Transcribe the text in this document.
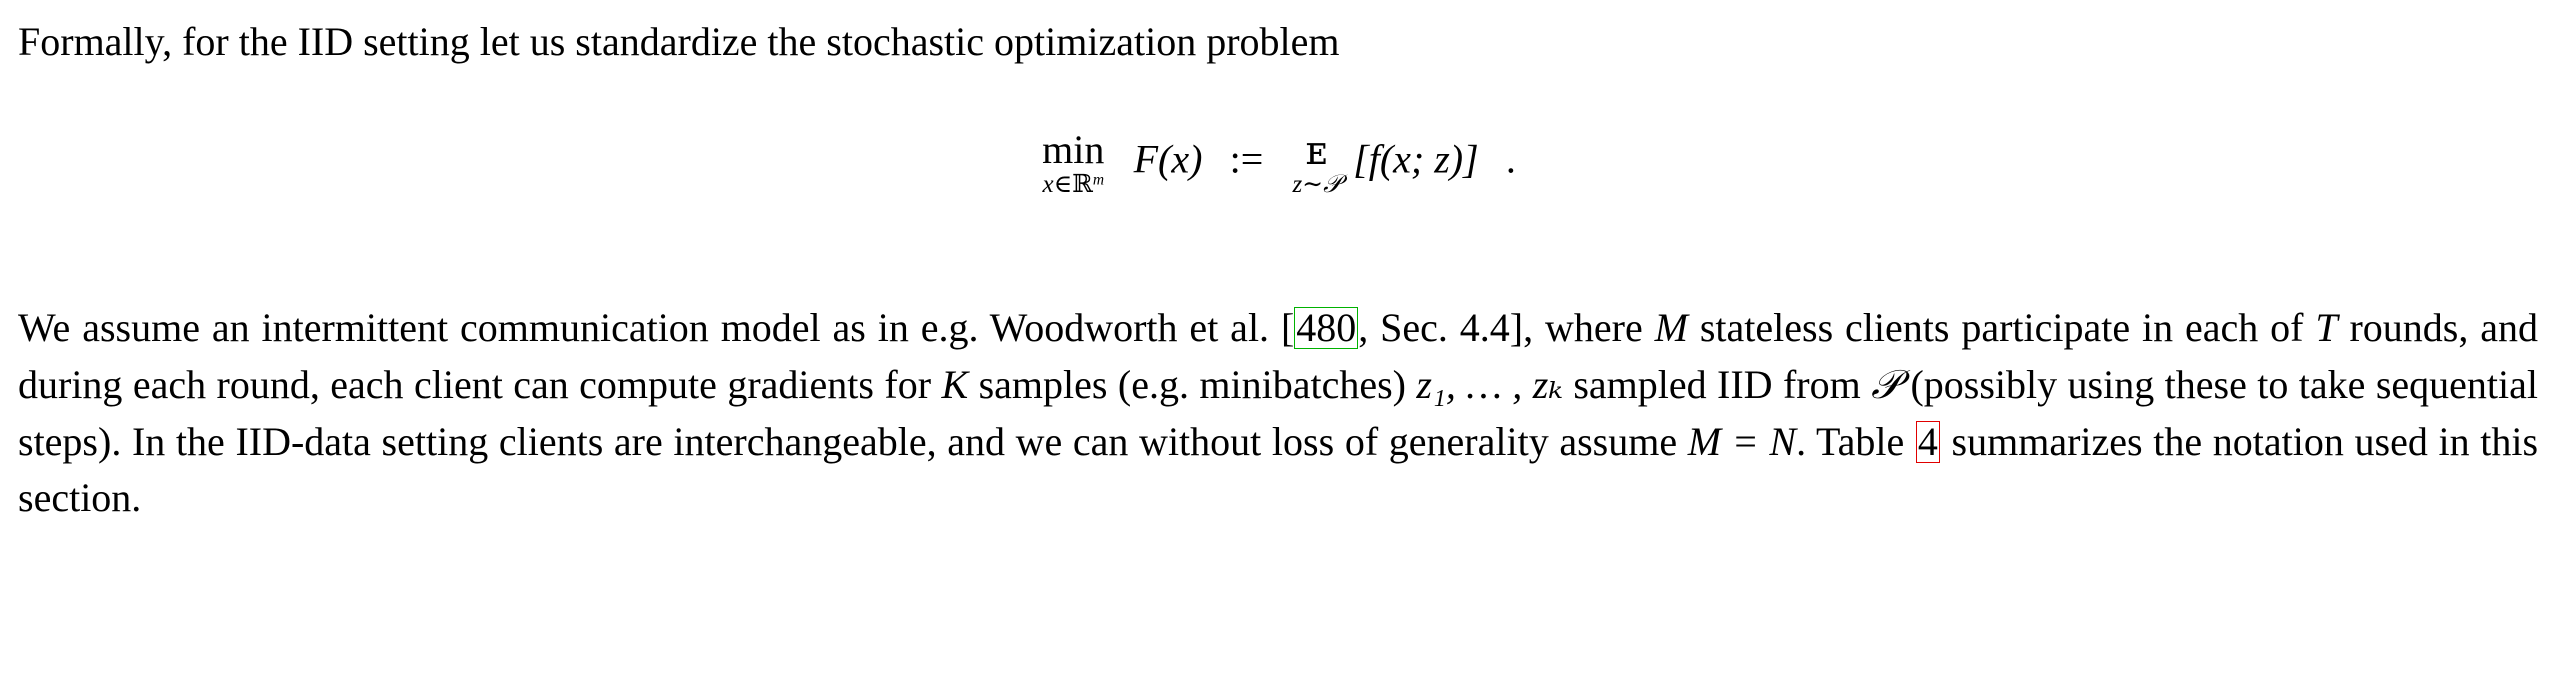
Formally, for the IID setting let us standardize the stochastic optimization problem

min
x∈ℝ$^m$ F(x) :=	ᴇ
z∼𝒫
[f(x; z)] .

We assume an intermittent communication model as in e.g. Woodworth et al. [480, Sec. 4.4], where M stateless clients participate in each of T rounds, and during each round, each client can compute gradients for K samples (e.g. minibatches) z₁, … , zₖ sampled IID from 𝒫 (possibly using these to take sequential steps). In the IID-data setting clients are interchangeable, and we can without loss of generality assume M = N. Table 4 summarizes the notation used in this section.
